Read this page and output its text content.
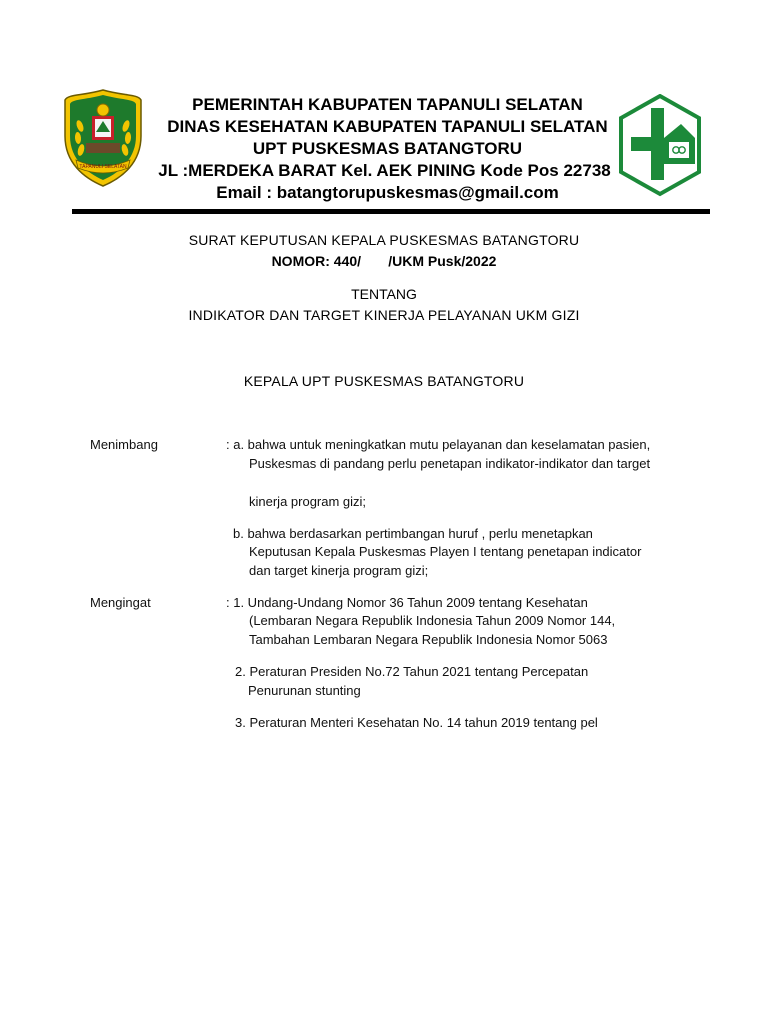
TAPANULI SELATAN
PEMERINTAH KABUPATEN TAPANULI SELATAN
DINAS KESEHATAN KABUPATEN TAPANULI SELATAN
UPT PUSKESMAS BATANGTORU
JL :MERDEKA BARAT Kel. AEK PINING Kode Pos 22738
Email : batangtorupuskesmas@gmail.com
SURAT KEPUTUSAN KEPALA PUSKESMAS BATANGTORU
NOMOR: 440/       /UKM Pusk/2022
TENTANG
INDIKATOR DAN TARGET KINERJA PELAYANAN UKM GIZI
KEPALA UPT PUSKESMAS BATANGTORU
Menimbang	: a. bahwa untuk meningkatkan mutu pelayanan dan keselamatan pasien,
Puskesmas di pandang perlu penetapan indikator-indikator dan target
kinerja program gizi;
b. bahwa berdasarkan pertimbangan huruf , perlu menetapkan
Keputusan Kepala Puskesmas Playen I tentang penetapan indicator
dan target kinerja program gizi;
Mengingat	: 1. Undang-Undang Nomor 36 Tahun 2009 tentang Kesehatan
(Lembaran Negara Republik Indonesia Tahun 2009 Nomor 144,
Tambahan Lembaran Negara Republik Indonesia Nomor 5063
2. Peraturan Presiden No.72 Tahun 2021 tentang Percepatan
Penurunan stunting
3. Peraturan Menteri Kesehatan No. 14 tahun 2019 tentang pel
